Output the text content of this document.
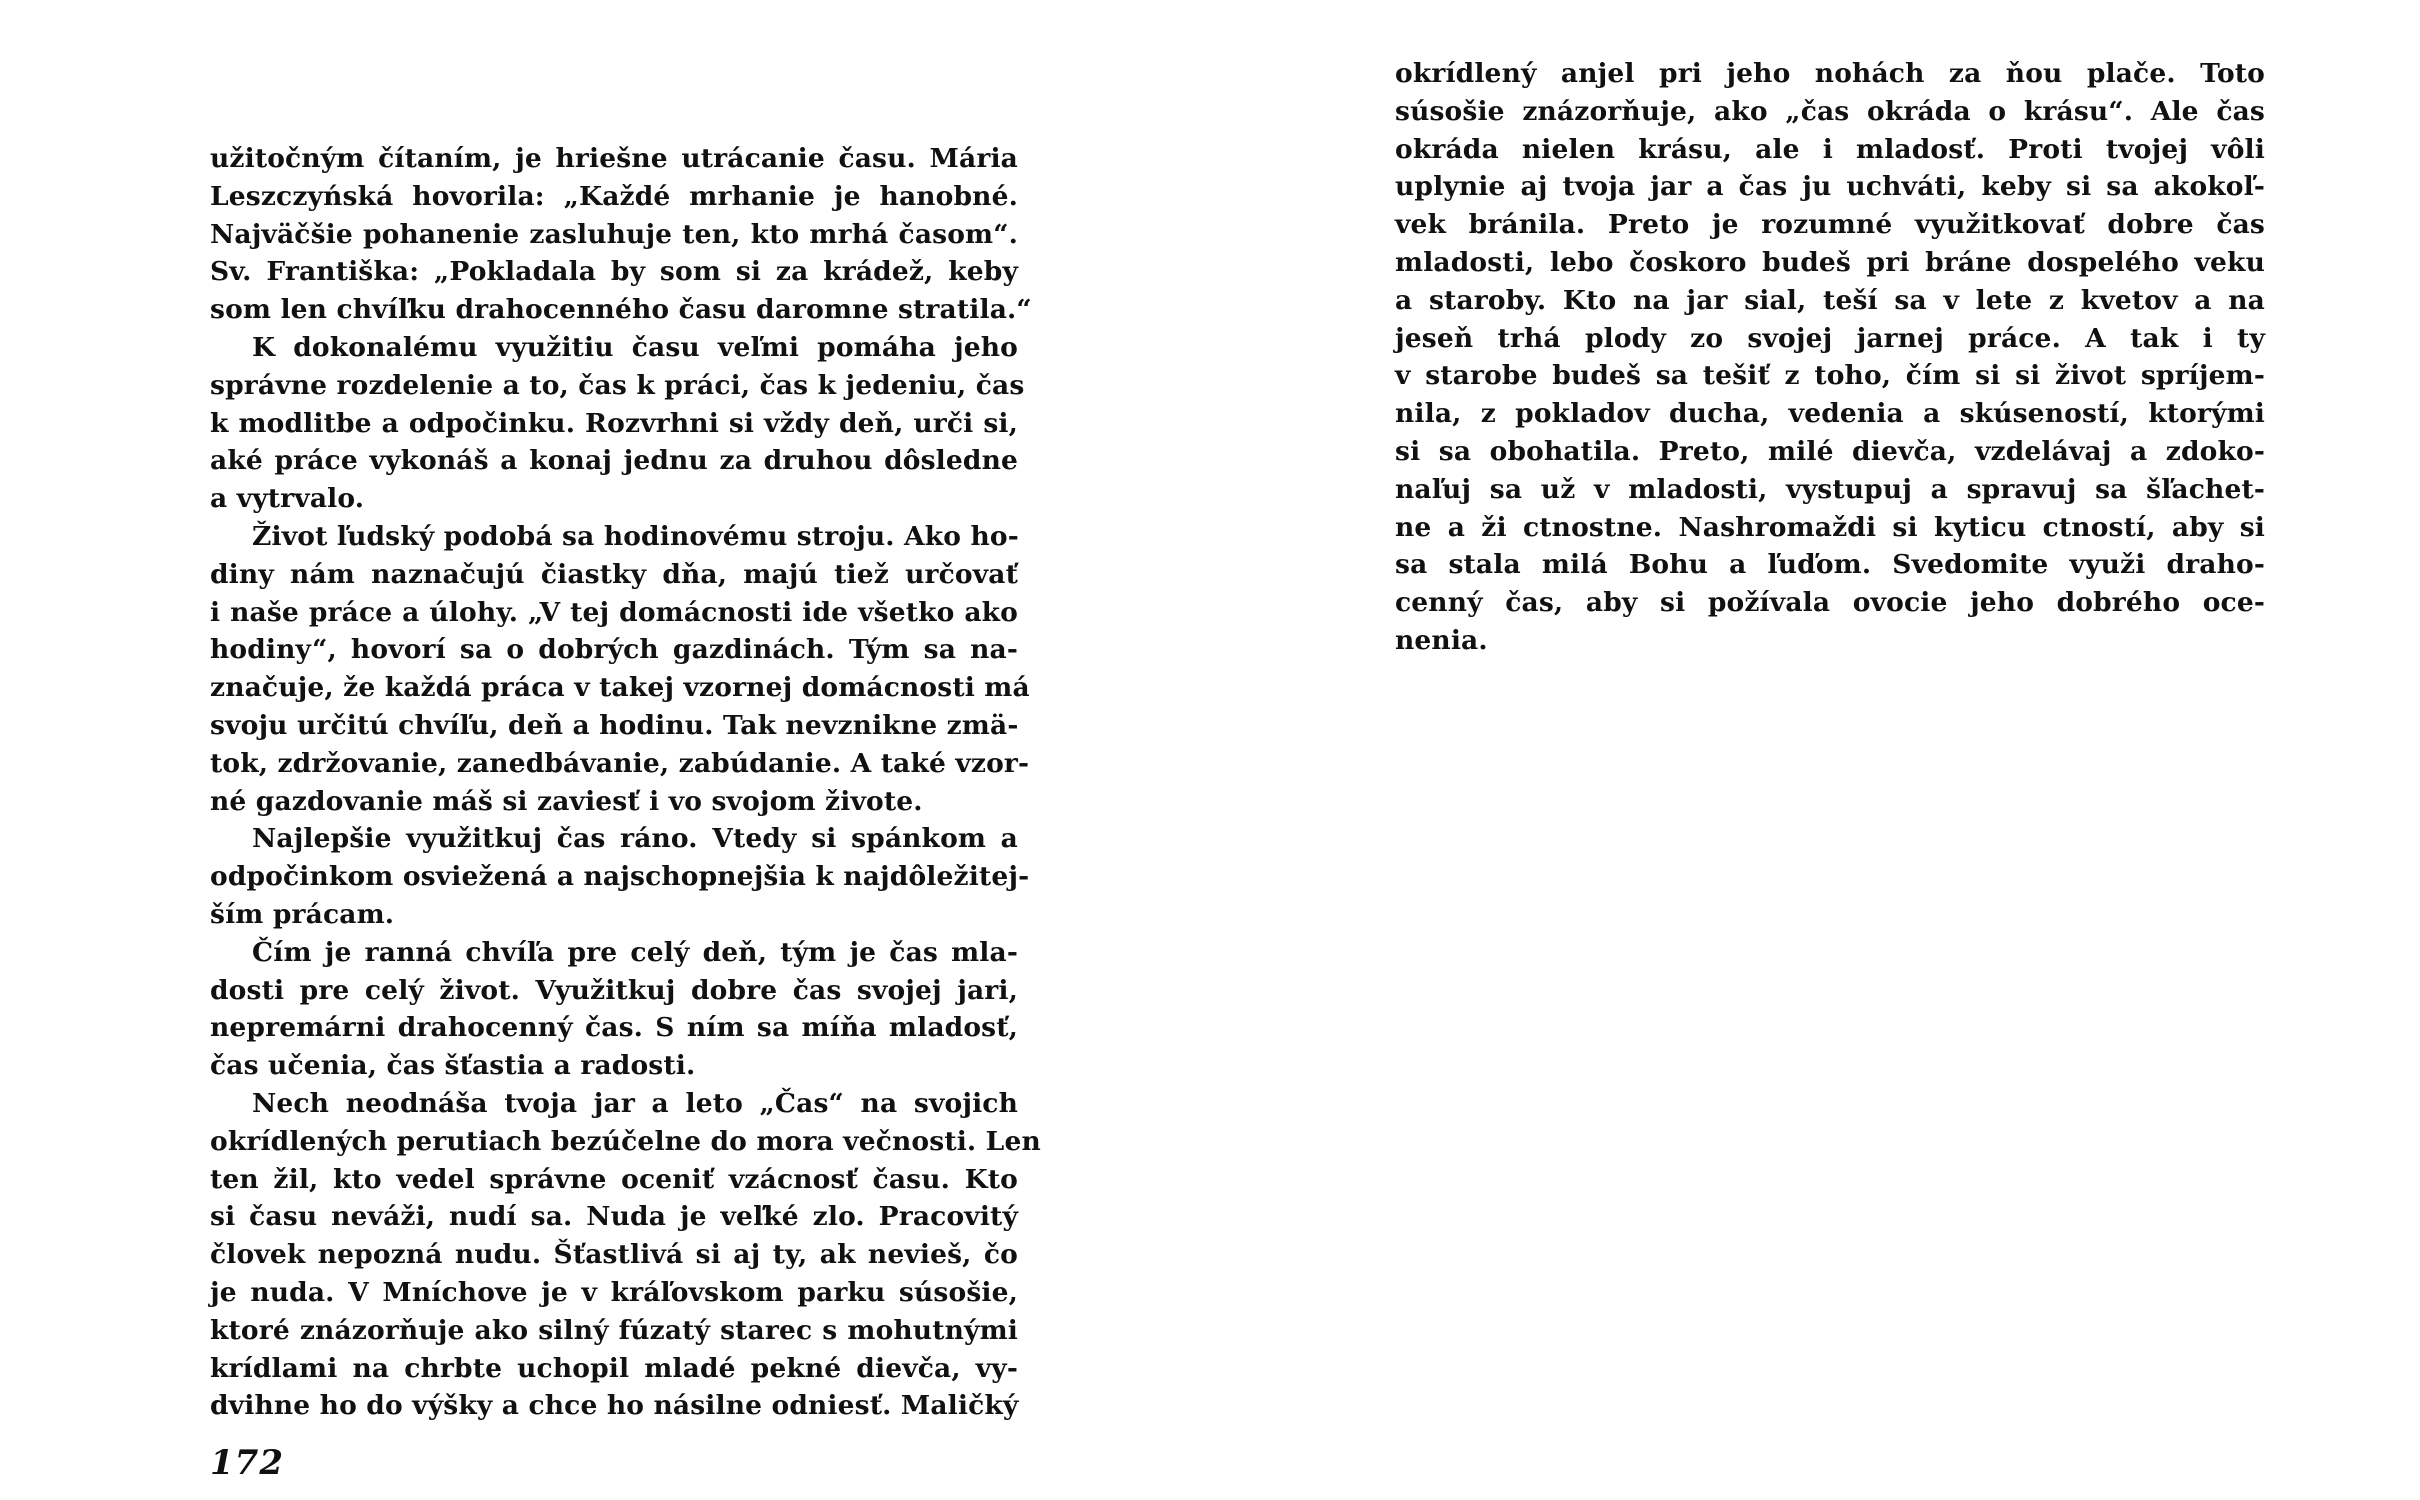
užitočným čítaním, je hriešne utrácanie času. Mária
Leszczyńská hovorila: „Každé mrhanie je hanobné.
Najväčšie pohanenie zasluhuje ten, kto mrhá časom“.
Sv. Františka: „Pokladala by som si za krádež, keby
som len chvíľku drahocenného času daromne stratila.“
K dokonalému využitiu času veľmi pomáha jeho
správne rozdelenie a to, čas k práci, čas k jedeniu, čas
k modlitbe a odpočinku. Rozvrhni si vždy deň, urči si,
aké práce vykonáš a konaj jednu za druhou dôsledne
a vytrvalo.
Život ľudský podobá sa hodinovému stroju. Ako ho-
diny nám naznačujú čiastky dňa, majú tiež určovať
i naše práce a úlohy. „V tej domácnosti ide všetko ako
hodiny“, hovorí sa o dobrých gazdinách. Tým sa na-
značuje, že každá práca v takej vzornej domácnosti má
svoju určitú chvíľu, deň a hodinu. Tak nevznikne zmä-
tok, zdržovanie, zanedbávanie, zabúdanie. A také vzor-
né gazdovanie máš si zaviesť i vo svojom živote.
Najlepšie využitkuj čas ráno. Vtedy si spánkom a
odpočinkom osviežená a najschopnejšia k najdôležitej-
ším prácam.
Čím je ranná chvíľa pre celý deň, tým je čas mla-
dosti pre celý život. Využitkuj dobre čas svojej jari,
nepremárni drahocenný čas. S ním sa míňa mladosť,
čas učenia, čas šťastia a radosti.
Nech neodnáša tvoja jar a leto „Čas“ na svojich
okrídlených perutiach bezúčelne do mora večnosti. Len
ten žil, kto vedel správne oceniť vzácnosť času. Kto
si času neváži, nudí sa. Nuda je veľké zlo. Pracovitý
človek nepozná nudu. Šťastlivá si aj ty, ak nevieš, čo
je nuda. V Mníchove je v kráľovskom parku súsošie,
ktoré znázorňuje ako silný fúzatý starec s mohutnými
krídlami na chrbte uchopil mladé pekné dievča, vy-
dvihne ho do výšky a chce ho násilne odniesť. Maličký
172
okrídlený anjel pri jeho nohách za ňou plače. Toto
súsošie znázorňuje, ako „čas okráda o krásu“. Ale čas
okráda nielen krásu, ale i mladosť. Proti tvojej vôli
uplynie aj tvoja jar a čas ju uchváti, keby si sa akokoľ-
vek bránila. Preto je rozumné využitkovať dobre čas
mladosti, lebo čoskoro budeš pri bráne dospelého veku
a staroby. Kto na jar sial, teší sa v lete z kvetov a na
jeseň trhá plody zo svojej jarnej práce. A tak i ty
v starobe budeš sa tešiť z toho, čím si si život spríjem-
nila, z pokladov ducha, vedenia a skúseností, ktorými
si sa obohatila. Preto, milé dievča, vzdelávaj a zdoko-
naľuj sa už v mladosti, vystupuj a spravuj sa šľachet-
ne a ži ctnostne. Nashromaždi si kyticu ctností, aby si
sa stala milá Bohu a ľuďom. Svedomite využi draho-
cenný čas, aby si požívala ovocie jeho dobrého oce-
nenia.
